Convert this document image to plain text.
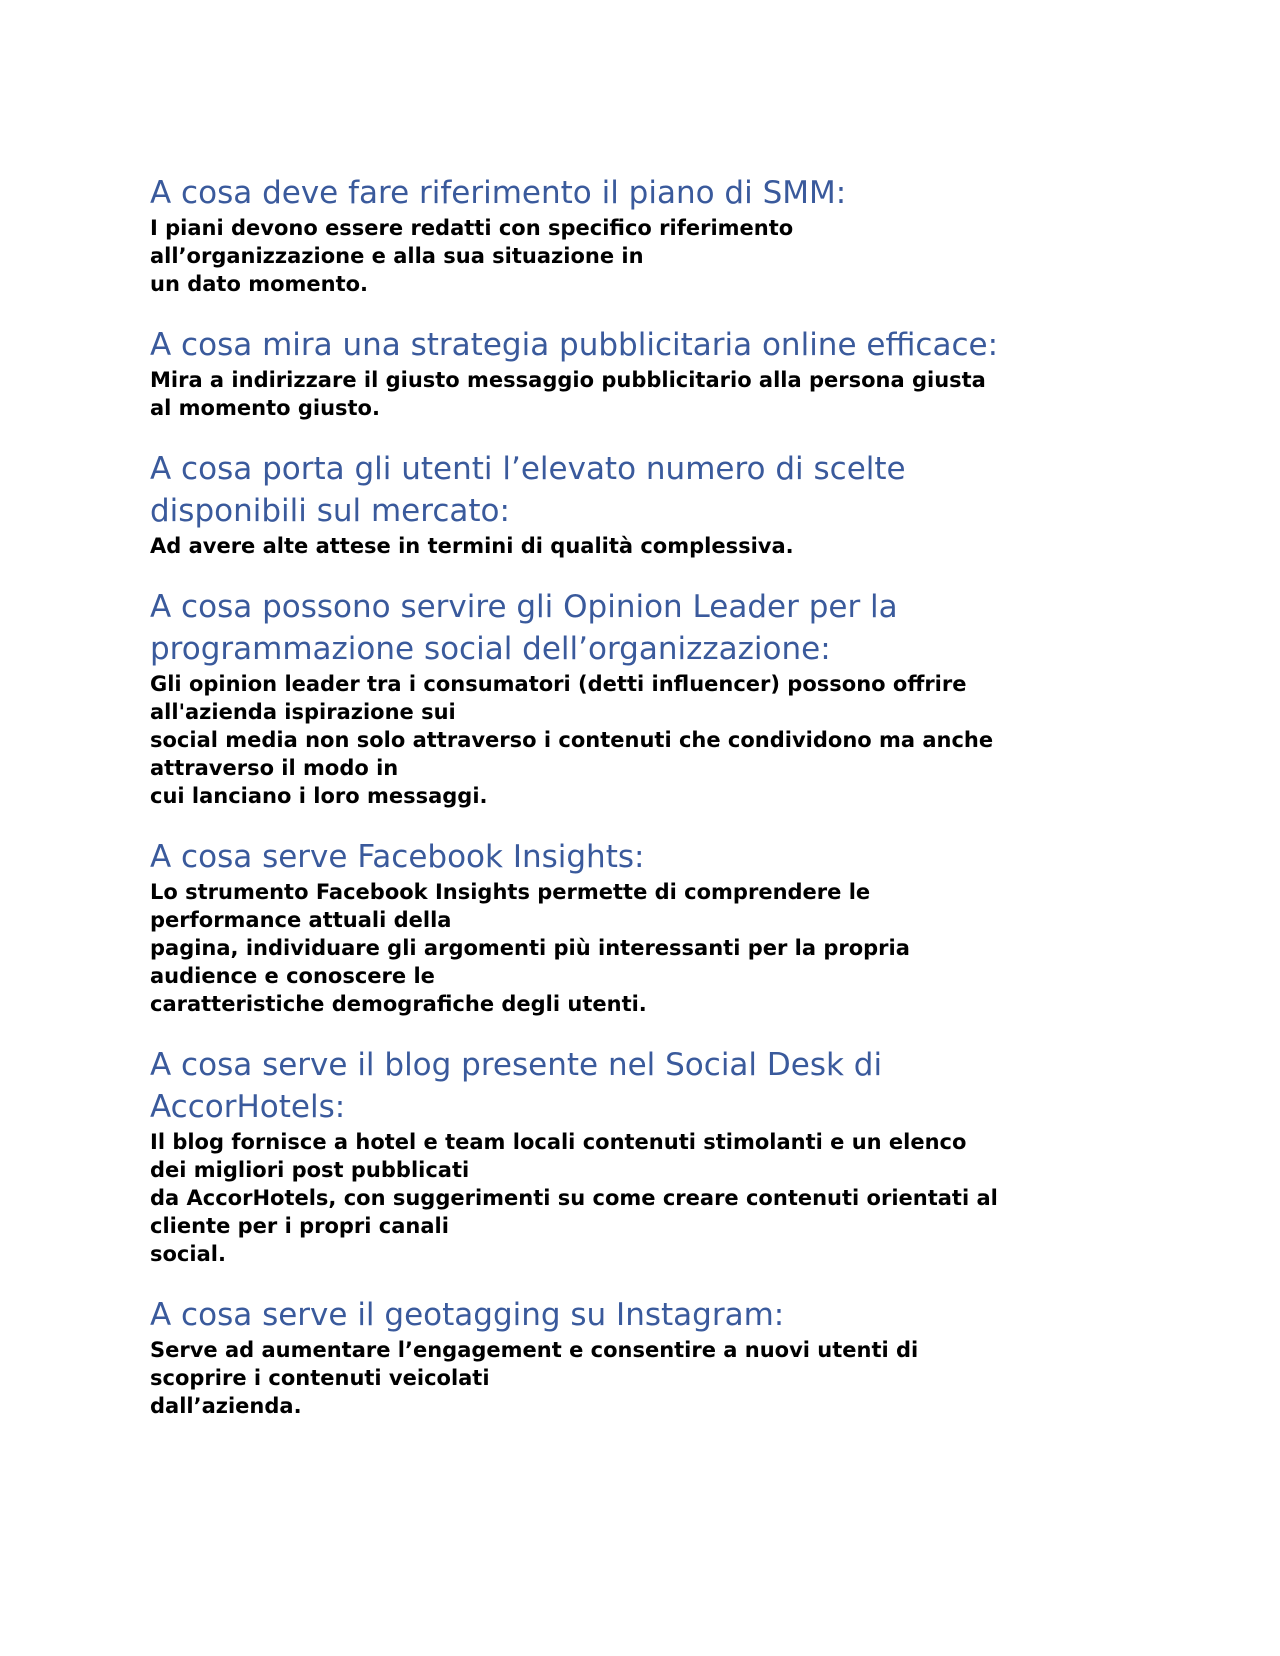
A cosa deve fare riferimento il piano di SMM:

I piani devono essere redatti con specifico riferimento
all’organizzazione e alla sua situazione in
un dato momento.

A cosa mira una strategia pubblicitaria online efficace:

Mira a indirizzare il giusto messaggio pubblicitario alla persona giusta
al momento giusto.

A cosa porta gli utenti l’elevato numero di scelte
disponibili sul mercato:

Ad avere alte attese in termini di qualità complessiva.

A cosa possono servire gli Opinion Leader per la
programmazione social dell’organizzazione:

Gli opinion leader tra i consumatori (detti influencer) possono offrire
all'azienda ispirazione sui
social media non solo attraverso i contenuti che condividono ma anche
attraverso il modo in
cui lanciano i loro messaggi.

A cosa serve Facebook Insights:

Lo strumento Facebook Insights permette di comprendere le
performance attuali della
pagina, individuare gli argomenti più interessanti per la propria
audience e conoscere le
caratteristiche demografiche degli utenti.

A cosa serve il blog presente nel Social Desk di
AccorHotels:

Il blog fornisce a hotel e team locali contenuti stimolanti e un elenco
dei migliori post pubblicati
da AccorHotels, con suggerimenti su come creare contenuti orientati al
cliente per i propri canali
social.

A cosa serve il geotagging su Instagram:

Serve ad aumentare l’engagement e consentire a nuovi utenti di
scoprire i contenuti veicolati
dall’azienda.
